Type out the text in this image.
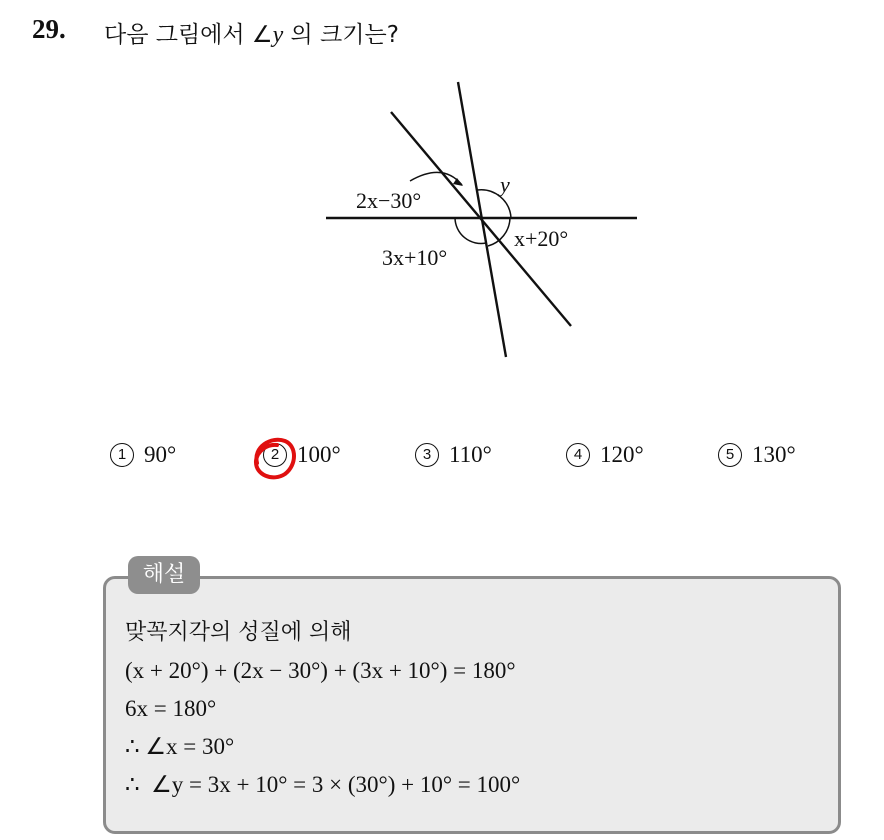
29. 다음 그림에서 ∠y 의 크기는?
2x−30°
y
3x+10°
x+20°
1 90°	2 100°	3 110°	4 120°	5 130°
해설
맞꼭지각의 성질에 의해
(x + 20°) + (2x − 30°) + (3x + 10°) = 180°
6x = 180°
∴ ∠x = 30°
∴  ∠y = 3x + 10° = 3 × (30°) + 10° = 100°
